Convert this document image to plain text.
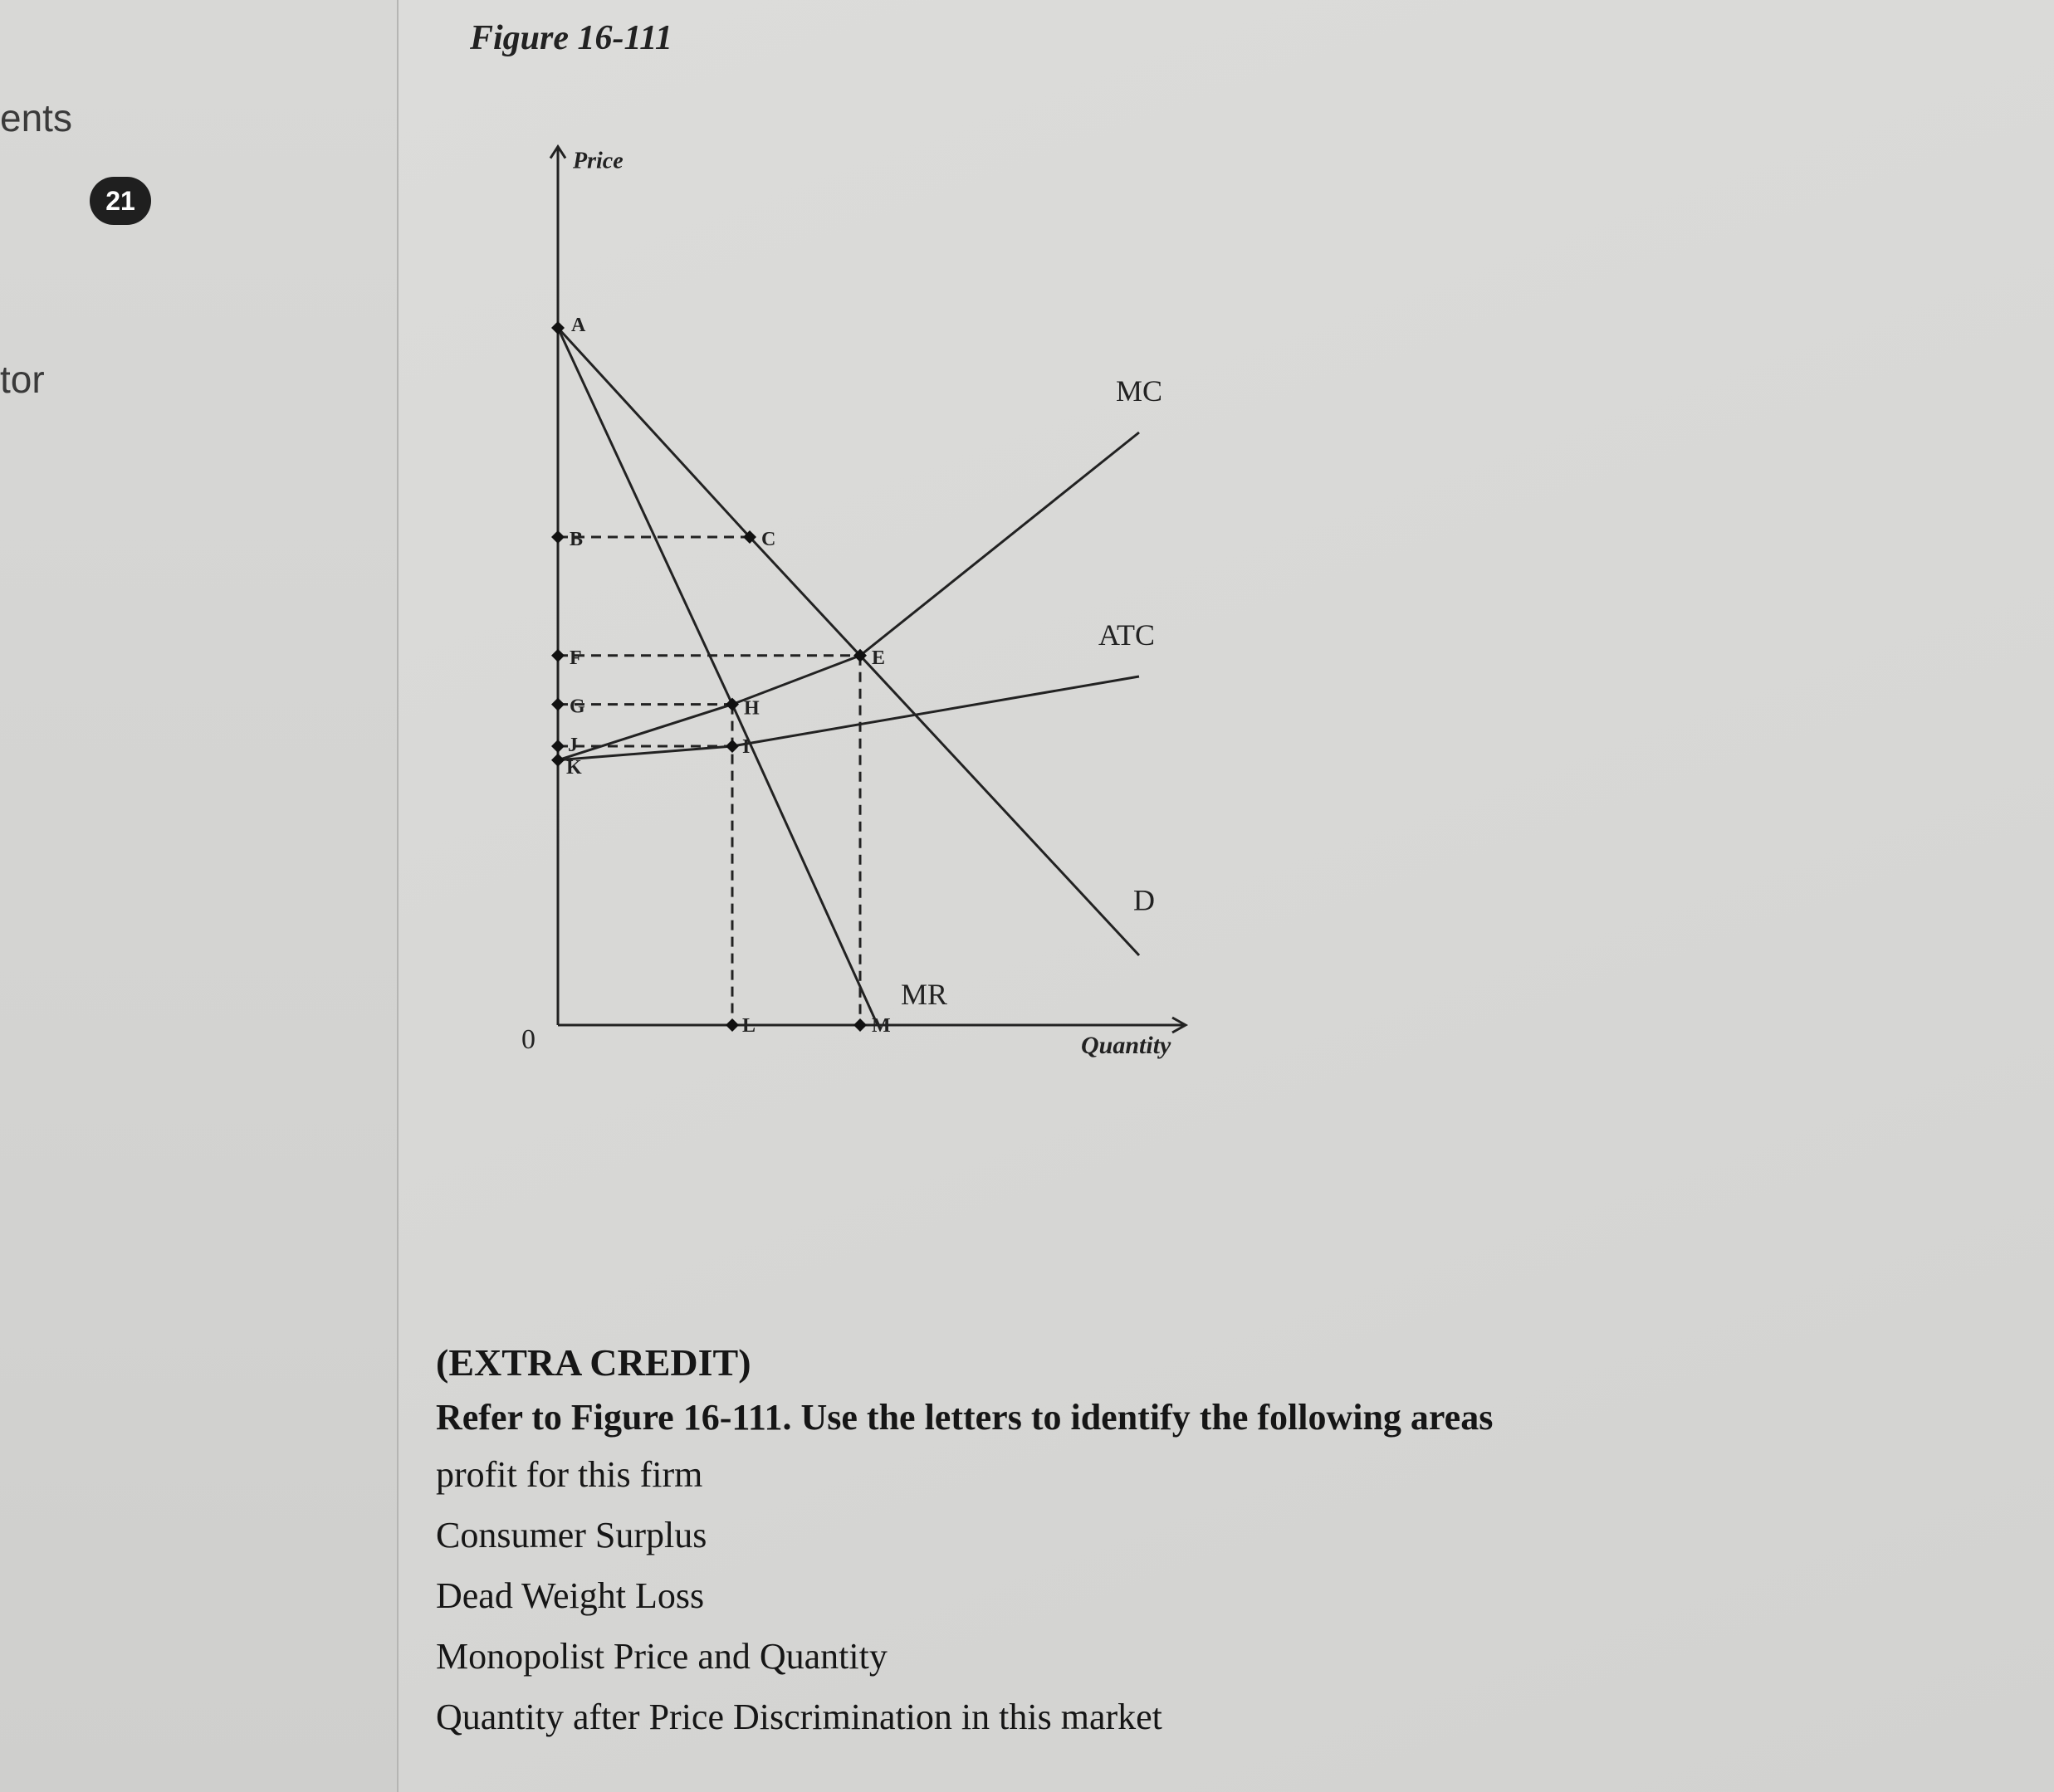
ents
21
tor
Figure 16-111
Price
Quantity
0
D
MR
MC
ATC
A
B	C
F	E
G	H
J	I
K
L	M
(EXTRA CREDIT)
Refer to Figure 16-111. Use the letters to identify the following areas
profit for this firm
Consumer Surplus
Dead Weight Loss
Monopolist Price and Quantity
Quantity after Price Discrimination in this market
